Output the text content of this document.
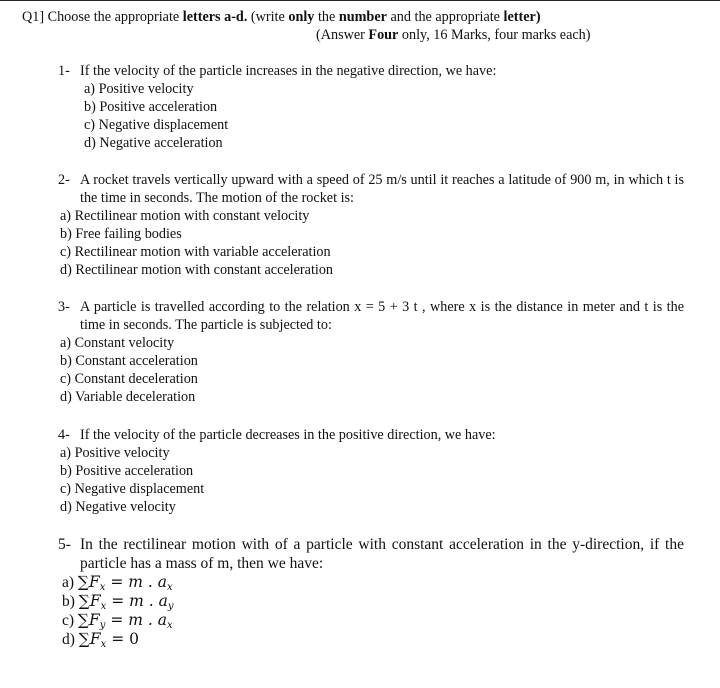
Q1] Choose the appropriate letters a-d. (write only the number and the appropriate letter)
(Answer Four only, 16 Marks, four marks each)
1- If the velocity of the particle increases in the negative direction, we have:
a) Positive velocity
b) Positive acceleration
c) Negative displacement
d) Negative acceleration
2- A rocket travels vertically upward with a speed of 25 m/s until it reaches a latitude of 900 m, in which t is the time in seconds. The motion of the rocket is:
a) Rectilinear motion with constant velocity
b) Free failing bodies
c) Rectilinear motion with variable acceleration
d) Rectilinear motion with constant acceleration
3- A particle is travelled according to the relation x = 5 + 3 t , where x is the distance in meter and t is the time in seconds. The particle is subjected to:
a) Constant velocity
b) Constant acceleration
c) Constant deceleration
d) Variable deceleration
4- If the velocity of the particle decreases in the positive direction, we have:
a) Positive velocity
b) Positive acceleration
c) Negative displacement
d) Negative velocity
5- In the rectilinear motion with of a particle with constant acceleration in the y-direction, if the particle has a mass of m, then we have:
a) $\sum F_x = m$ . $a_x$
b) $\sum F_x = m$ . $a_y$
c) $\sum F_y = m$ . $a_x$
d) $\sum F_x = 0$
